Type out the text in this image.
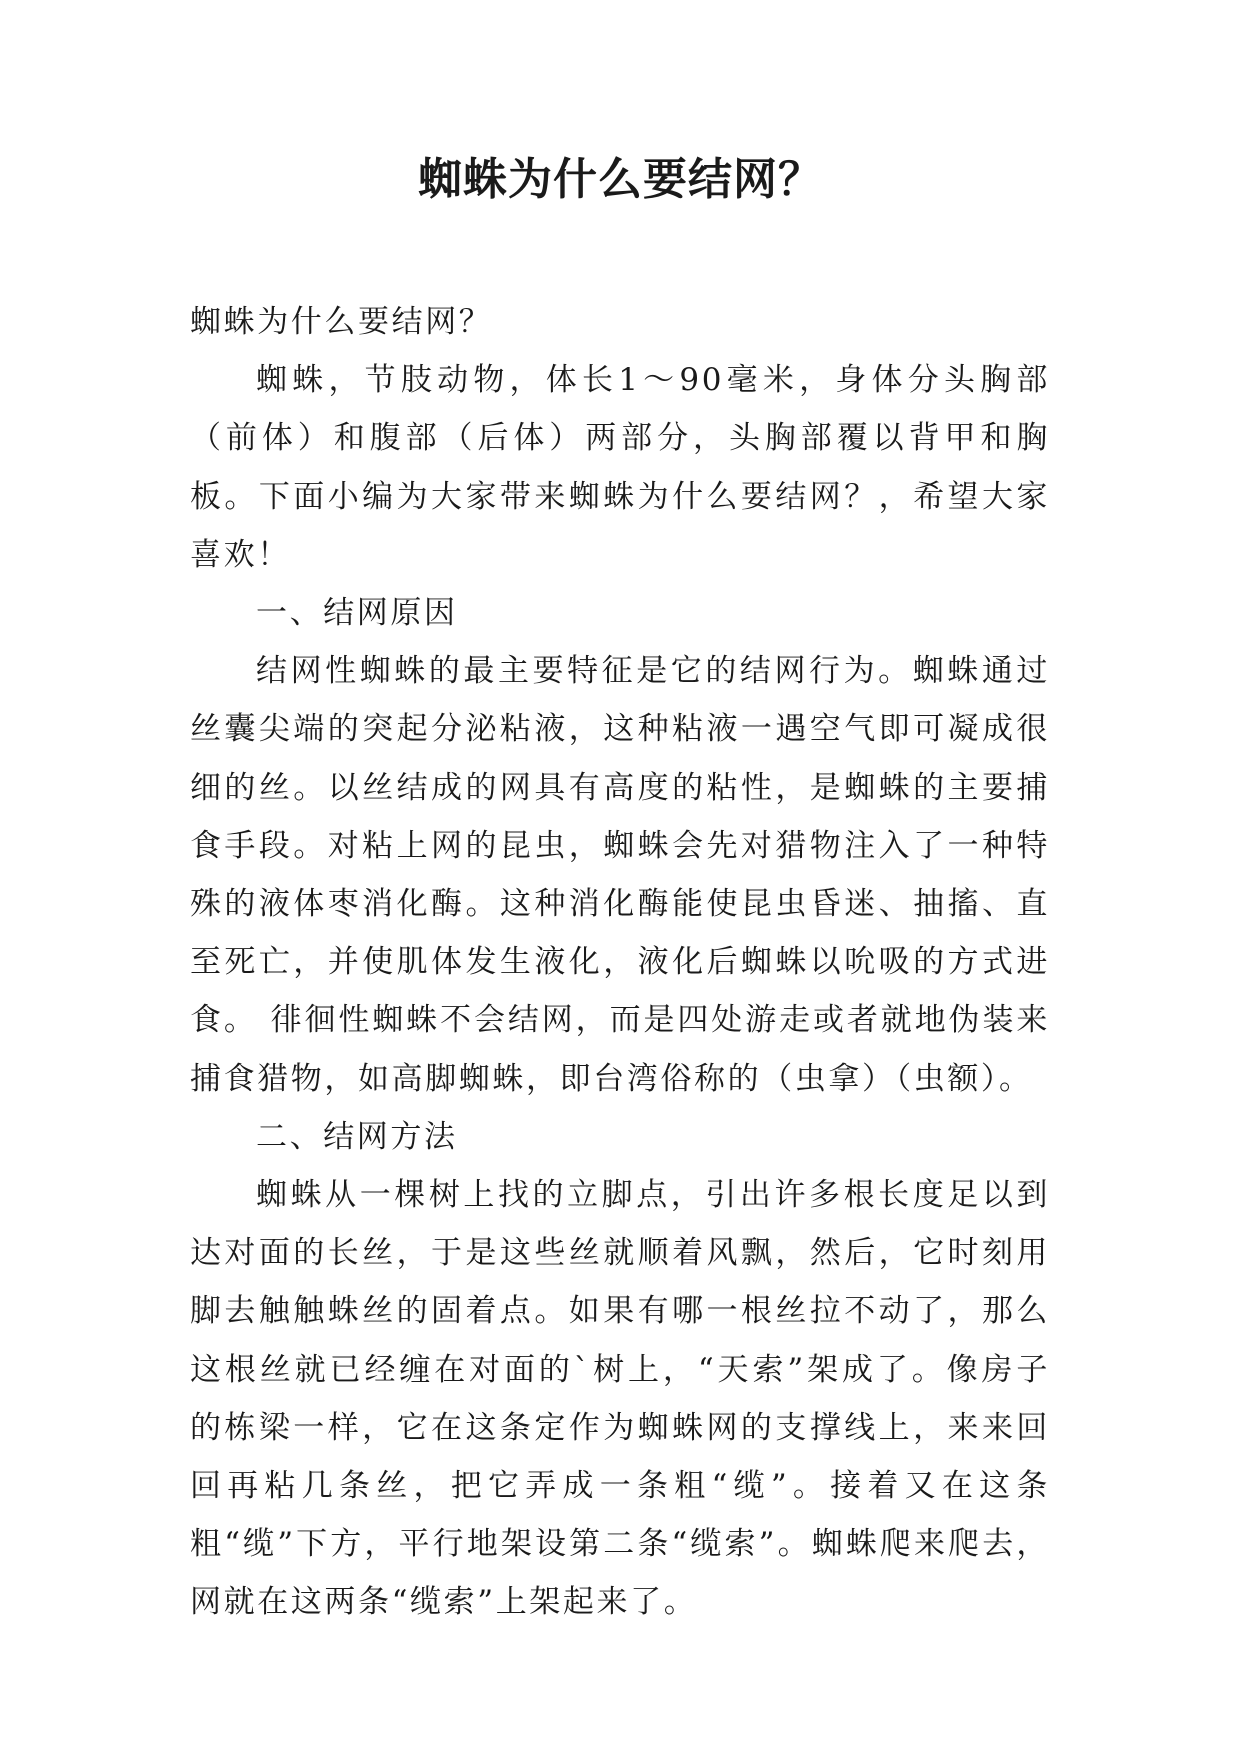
蜘蛛为什么要结网？

蜘蛛为什么要结网？

蜘蛛，节肢动物，体长1～90毫米，身体分头胸部（前体）和腹部（后体）两部分，头胸部覆以背甲和胸板。下面小编为大家带来蜘蛛为什么要结网？，希望大家喜欢！

一、结网原因

结网性蜘蛛的最主要特征是它的结网行为。蜘蛛通过丝囊尖端的突起分泌粘液，这种粘液一遇空气即可凝成很细的丝。以丝结成的网具有高度的粘性，是蜘蛛的主要捕食手段。对粘上网的昆虫，蜘蛛会先对猎物注入了一种特殊的液体枣消化酶。这种消化酶能使昆虫昏迷、抽搐、直至死亡，并使肌体发生液化，液化后蜘蛛以吮吸的方式进食。 徘徊性蜘蛛不会结网，而是四处游走或者就地伪装来捕食猎物，如高脚蜘蛛，即台湾俗称的（虫拿）（虫额）。

二、结网方法

蜘蛛从一棵树上找的立脚点，引出许多根长度足以到达对面的长丝，于是这些丝就顺着风飘，然后，它时刻用脚去触触蛛丝的固着点。如果有哪一根丝拉不动了，那么这根丝就已经缠在对面的`树上，“天索”架成了。像房子的栋梁一样，它在这条定作为蜘蛛网的支撑线上，来来回回再粘几条丝，把它弄成一条粗“缆”。接着又在这条粗“缆”下方，平行地架设第二条“缆索”。蜘蛛爬来爬去，网就在这两条“缆索”上架起来了。
